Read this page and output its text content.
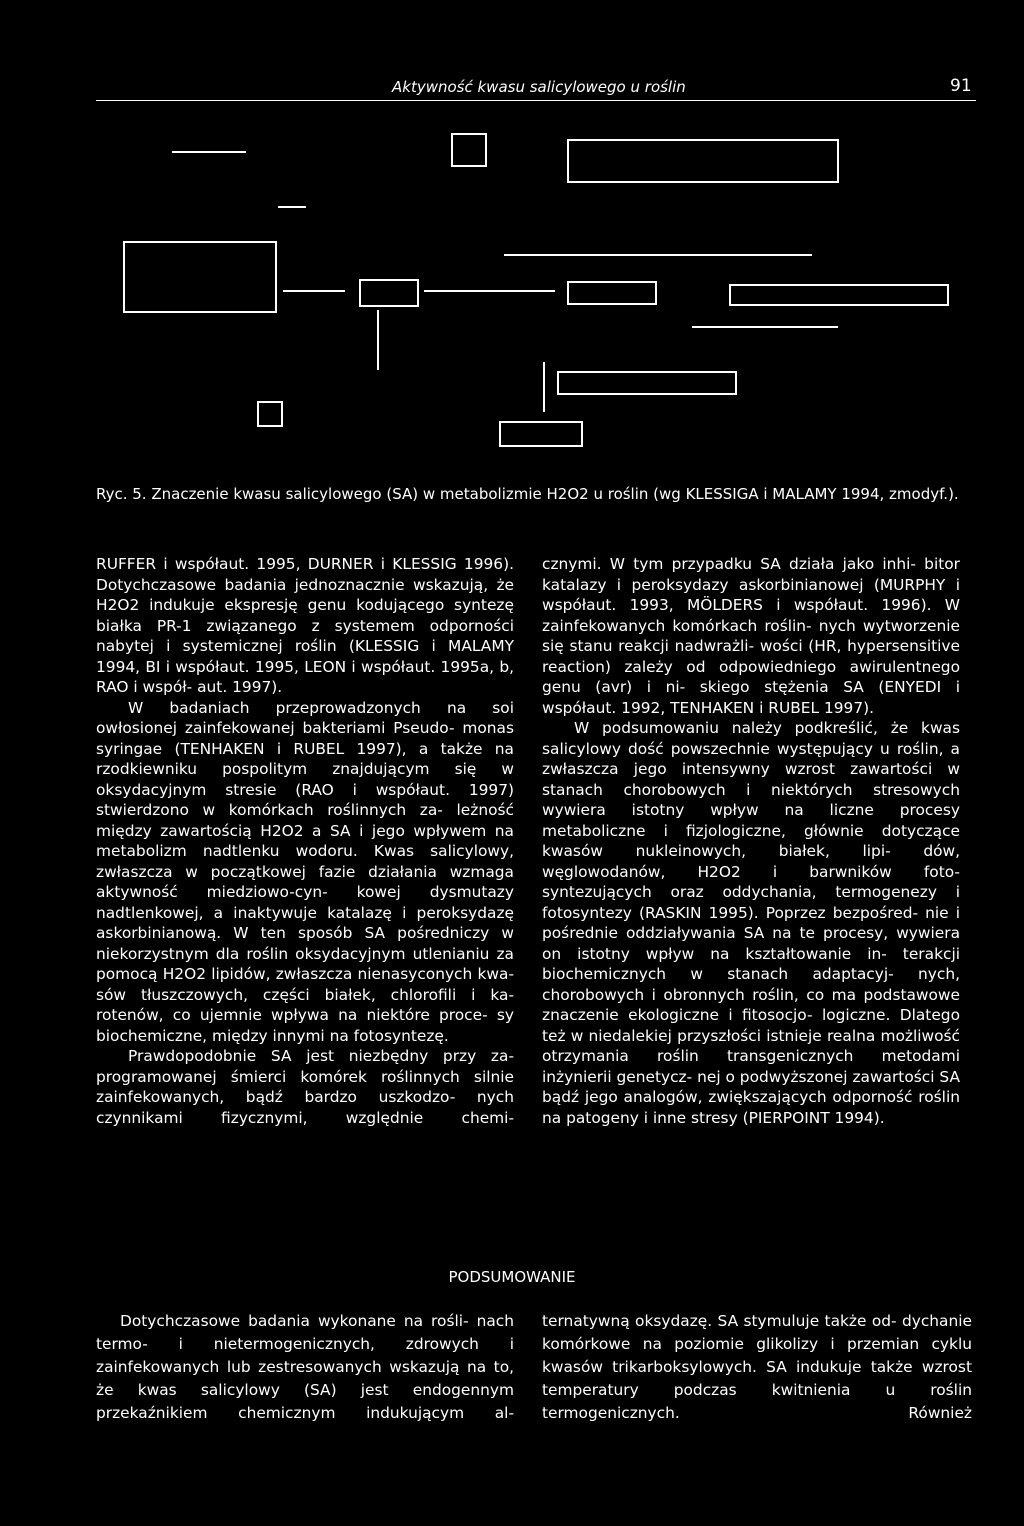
Aktywność kwasu salicylowego u roślin	91
Ryc. 5. Znaczenie kwasu salicylowego (SA) w metabolizmie H2O2 u roślin (wg KLESSIGA i MALAMY 1994, zmodyf.).

RUFFER i współaut. 1995, DURNER i KLESSIG 1996). Dotychczasowe badania jednoznacznie wskazują, że H2O2 indukuje ekspresję genu kodującego syntezę białka PR-1 związanego z systemem odporności nabytej i systemicznej roślin (KLESSIG i MALAMY 1994, BI i współaut. 1995, LEON i współaut. 1995a, b, RAO i współ- aut. 1997).

W badaniach przeprowadzonych na soi owłosionej zainfekowanej bakteriami Pseudo- monas syringae (TENHAKEN i RUBEL 1997), a także na rzodkiewniku pospolitym znajdującym się w oksydacyjnym stresie (RAO i współaut. 1997) stwierdzono w komórkach roślinnych za- leżność między zawartością H2O2 a SA i jego wpływem na metabolizm nadtlenku wodoru. Kwas salicylowy, zwłaszcza w początkowej fazie działania wzmaga aktywność miedziowo-cyn- kowej dysmutazy nadtlenkowej, a inaktywuje katalazę i peroksydazę askorbinianową. W ten sposób SA pośredniczy w niekorzystnym dla roślin oksydacyjnym utlenianiu za pomocą H2O2 lipidów, zwłaszcza nienasyconych kwa- sów tłuszczowych, części białek, chlorofili i ka- rotenów, co ujemnie wpływa na niektóre proce- sy biochemiczne, między innymi na fotosyntezę.

Prawdopodobnie SA jest niezbędny przy za- programowanej śmierci komórek roślinnych silnie zainfekowanych, bądź bardzo uszkodzo- nych czynnikami fizycznymi, względnie chemi-

cznymi. W tym przypadku SA działa jako inhi- bitor katalazy i peroksydazy askorbinianowej (MURPHY i współaut. 1993, MÖLDERS i współaut. 1996). W zainfekowanych komórkach roślin- nych wytworzenie się stanu reakcji nadwrażli- wości (HR, hypersensitive reaction) zależy od odpowiedniego awirulentnego genu (avr) i ni- skiego stężenia SA (ENYEDI i współaut. 1992, TENHAKEN i RUBEL 1997).

W podsumowaniu należy podkreślić, że kwas salicylowy dość powszechnie występujący u roślin, a zwłaszcza jego intensywny wzrost zawartości w stanach chorobowych i niektórych stresowych wywiera istotny wpływ na liczne procesy metaboliczne i fizjologiczne, głównie dotyczące kwasów nukleinowych, białek, lipi- dów, węglowodanów, H2O2 i barwników foto- syntezujących oraz oddychania, termogenezy i fotosyntezy (RASKIN 1995). Poprzez bezpośred- nie i pośrednie oddziaływania SA na te procesy, wywiera on istotny wpływ na kształtowanie in- terakcji biochemicznych w stanach adaptacyj- nych, chorobowych i obronnych roślin, co ma podstawowe znaczenie ekologiczne i fitosocjo- logiczne. Dlatego też w niedalekiej przyszłości istnieje realna możliwość otrzymania roślin transgenicznych metodami inżynierii genetycz- nej o podwyższonej zawartości SA bądź jego analogów, zwiększających odporność roślin na patogeny i inne stresy (PIERPOINT 1994).

PODSUMOWANIE

Dotychczasowe badania wykonane na rośli- nach termo- i nietermogenicznych, zdrowych i zainfekowanych lub zestresowanych wskazują na to, że kwas salicylowy (SA) jest endogennym przekaźnikiem chemicznym indukującym al-

ternatywną oksydazę. SA stymuluje także od- dychanie komórkowe na poziomie glikolizy i przemian cyklu kwasów trikarboksylowych. SA indukuje także wzrost temperatury podczas kwitnienia u roślin termogenicznych. Również
